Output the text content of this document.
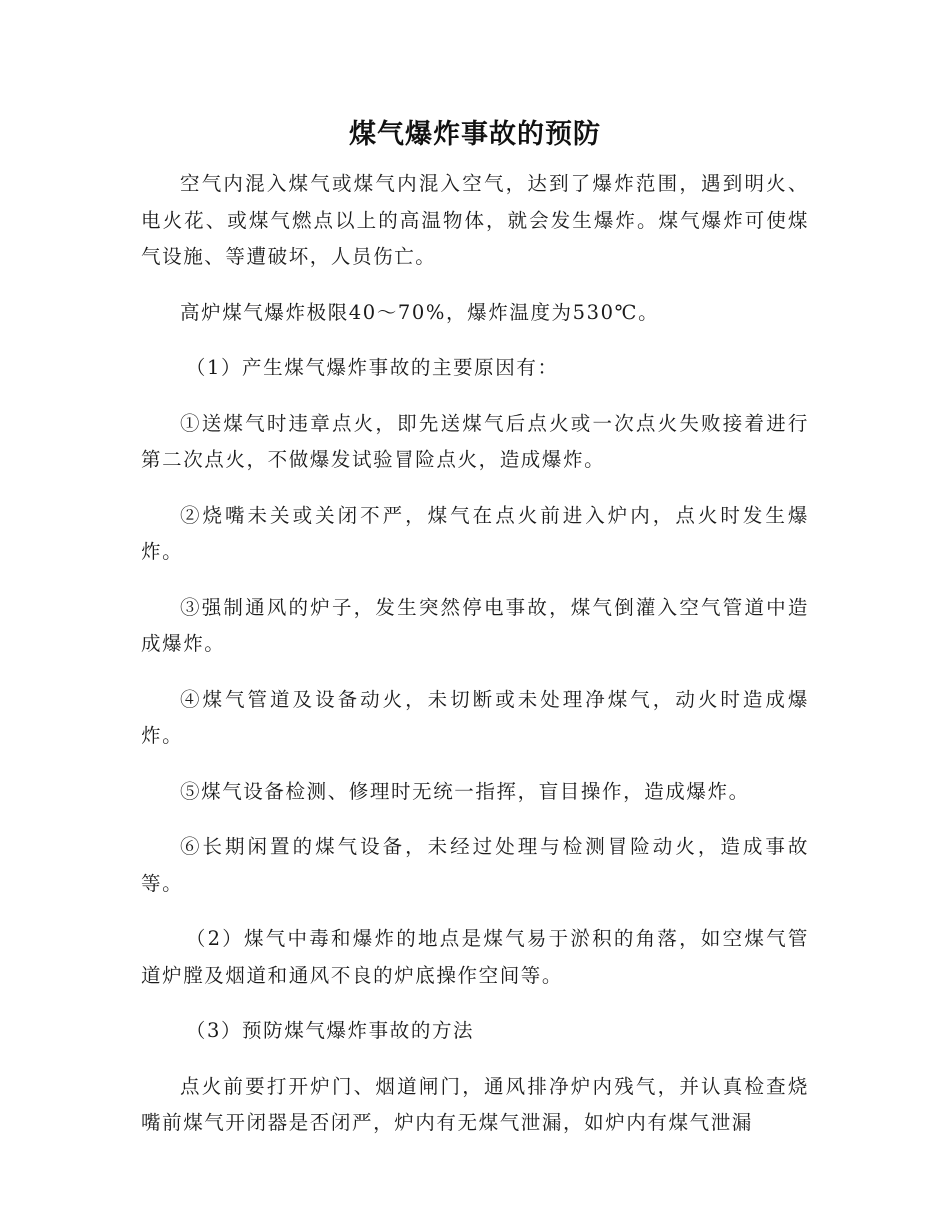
煤气爆炸事故的预防

空气内混入煤气或煤气内混入空气，达到了爆炸范围，遇到明火、电火花、或煤气燃点以上的高温物体，就会发生爆炸。煤气爆炸可使煤气设施、等遭破坏，人员伤亡。

高炉煤气爆炸极限40～70%，爆炸温度为530℃。

（1）产生煤气爆炸事故的主要原因有：

①送煤气时违章点火，即先送煤气后点火或一次点火失败接着进行第二次点火，不做爆发试验冒险点火，造成爆炸。

②烧嘴未关或关闭不严，煤气在点火前进入炉内，点火时发生爆炸。

③强制通风的炉子，发生突然停电事故，煤气倒灌入空气管道中造成爆炸。

④煤气管道及设备动火，未切断或未处理净煤气，动火时造成爆炸。

⑤煤气设备检测、修理时无统一指挥，盲目操作，造成爆炸。

⑥长期闲置的煤气设备，未经过处理与检测冒险动火，造成事故等。

（2）煤气中毒和爆炸的地点是煤气易于淤积的角落，如空煤气管道炉膛及烟道和通风不良的炉底操作空间等。

（3）预防煤气爆炸事故的方法

点火前要打开炉门、烟道闸门，通风排净炉内残气，并认真检查烧嘴前煤气开闭器是否闭严，炉内有无煤气泄漏，如炉内有煤气泄漏
